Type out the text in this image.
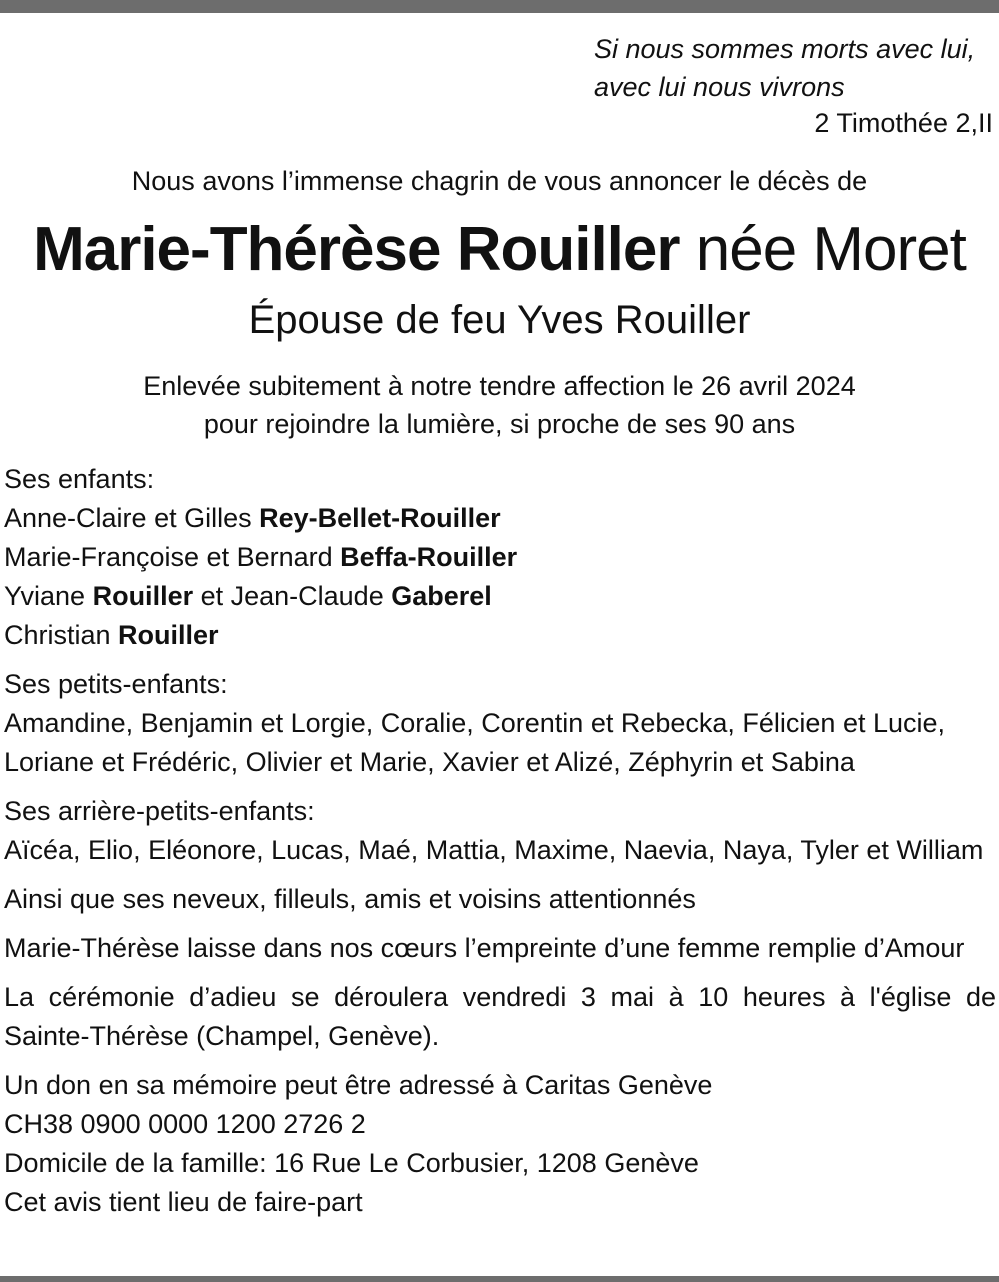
Si nous sommes morts avec lui,
avec lui nous vivrons
2 Timothée 2,II
Nous avons l’immense chagrin de vous annoncer le décès de
Marie-Thérèse Rouiller née Moret
Épouse de feu Yves Rouiller
Enlevée subitement à notre tendre affection le 26 avril 2024
pour rejoindre la lumière, si proche de ses 90 ans

Ses enfants:

Anne-Claire et Gilles Rey-Bellet-Rouiller

Marie-Françoise et Bernard Beffa-Rouiller

Yviane Rouiller et Jean-Claude Gaberel

Christian Rouiller

Ses petits-enfants:

Amandine, Benjamin et Lorgie, Coralie, Corentin et Rebecka, Félicien et Lucie,

Loriane et Frédéric, Olivier et Marie, Xavier et Alizé, Zéphyrin et Sabina

Ses arrière-petits-enfants:

Aïcéa, Elio, Eléonore, Lucas, Maé, Mattia, Maxime, Naevia, Naya, Tyler et William

Ainsi que ses neveux, filleuls, amis et voisins attentionnés

Marie-Thérèse laisse dans nos cœurs l’empreinte d’une femme remplie d’Amour

La cérémonie d’adieu se déroulera vendredi 3 mai à 10 heures à l'église de Sainte-Thérèse (Champel, Genève).

Un don en sa mémoire peut être adressé à Caritas Genève

CH38 0900 0000 1200 2726 2

Domicile de la famille: 16 Rue Le Corbusier, 1208 Genève

Cet avis tient lieu de faire-part
